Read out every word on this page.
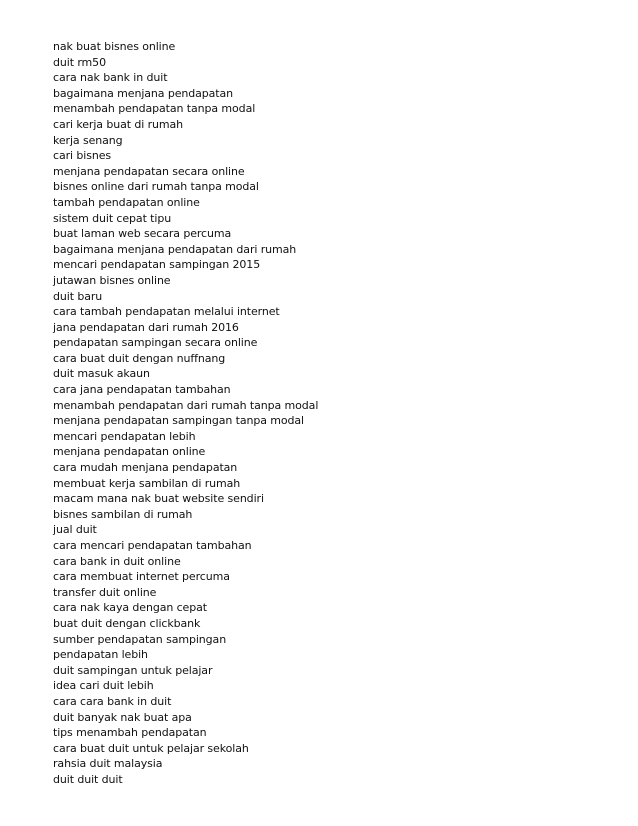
nak buat bisnes online
duit rm50
cara nak bank in duit
bagaimana menjana pendapatan
menambah pendapatan tanpa modal
cari kerja buat di rumah
kerja senang
cari bisnes
menjana pendapatan secara online
bisnes online dari rumah tanpa modal
tambah pendapatan online
sistem duit cepat tipu
buat laman web secara percuma
bagaimana menjana pendapatan dari rumah
mencari pendapatan sampingan 2015
jutawan bisnes online
duit baru
cara tambah pendapatan melalui internet
jana pendapatan dari rumah 2016
pendapatan sampingan secara online
cara buat duit dengan nuffnang
duit masuk akaun
cara jana pendapatan tambahan
menambah pendapatan dari rumah tanpa modal
menjana pendapatan sampingan tanpa modal
mencari pendapatan lebih
menjana pendapatan online
cara mudah menjana pendapatan
membuat kerja sambilan di rumah
macam mana nak buat website sendiri
bisnes sambilan di rumah
jual duit
cara mencari pendapatan tambahan
cara bank in duit online
cara membuat internet percuma
transfer duit online
cara nak kaya dengan cepat
buat duit dengan clickbank
sumber pendapatan sampingan
pendapatan lebih
duit sampingan untuk pelajar
idea cari duit lebih
cara cara bank in duit
duit banyak nak buat apa
tips menambah pendapatan
cara buat duit untuk pelajar sekolah
rahsia duit malaysia
duit duit duit
